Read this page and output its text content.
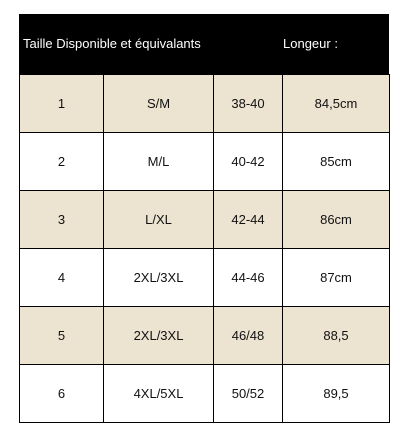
Taille Disponible et équivalants	Longeur :
1	S/M	38-40	84,5cm
2	M/L	40-42	85cm
3	L/XL	42-44	86cm
4	2XL/3XL	44-46	87cm
5	2XL/3XL	46/48	88,5
6	4XL/5XL	50/52	89,5
